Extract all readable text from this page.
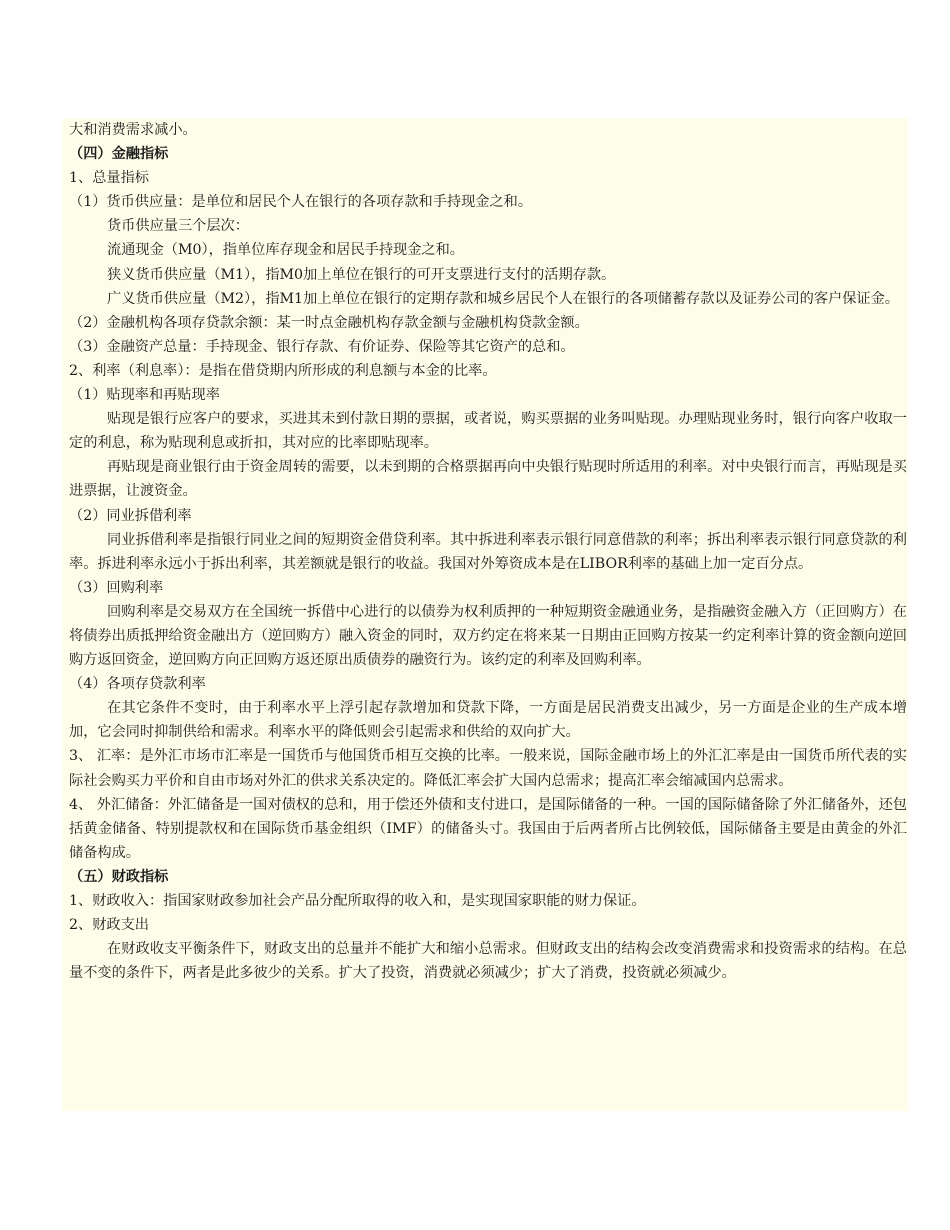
大和消费需求减小。

（四）金融指标

1、总量指标

（1）货币供应量：是单位和居民个人在银行的各项存款和手持现金之和。

货币供应量三个层次：

流通现金（M0），指单位库存现金和居民手持现金之和。

狭义货币供应量（M1），指M0加上单位在银行的可开支票进行支付的活期存款。

广义货币供应量（M2），指M1加上单位在银行的定期存款和城乡居民个人在银行的各项储蓄存款以及证券公司的客户保证金。

（2）金融机构各项存贷款余额：某一时点金融机构存款金额与金融机构贷款金额。

（3）金融资产总量：手持现金、银行存款、有价证券、保险等其它资产的总和。

2、利率（利息率）：是指在借贷期内所形成的利息额与本金的比率。

（1）贴现率和再贴现率

贴现是银行应客户的要求，买进其未到付款日期的票据，或者说，购买票据的业务叫贴现。办理贴现业务时，银行向客户收取一定的利息，称为贴现利息或折扣，其对应的比率即贴现率。

再贴现是商业银行由于资金周转的需要，以未到期的合格票据再向中央银行贴现时所适用的利率。对中央银行而言，再贴现是买进票据，让渡资金。

（2）同业拆借利率

同业拆借利率是指银行同业之间的短期资金借贷利率。其中拆进利率表示银行同意借款的利率；拆出利率表示银行同意贷款的利率。拆进利率永远小于拆出利率，其差额就是银行的收益。我国对外筹资成本是在LIBOR利率的基础上加一定百分点。

（3）回购利率

回购利率是交易双方在全国统一拆借中心进行的以债券为权利质押的一种短期资金融通业务，是指融资金融入方（正回购方）在将债券出质抵押给资金融出方（逆回购方）融入资金的同时，双方约定在将来某一日期由正回购方按某一约定利率计算的资金额向逆回购方返回资金，逆回购方向正回购方返还原出质债券的融资行为。该约定的利率及回购利率。

（4）各项存贷款利率

在其它条件不变时，由于利率水平上浮引起存款增加和贷款下降，一方面是居民消费支出减少，另一方面是企业的生产成本增加，它会同时抑制供给和需求。利率水平的降低则会引起需求和供给的双向扩大。

3、 汇率：是外汇市场市汇率是一国货币与他国货币相互交换的比率。一般来说，国际金融市场上的外汇汇率是由一国货币所代表的实际社会购买力平价和自由市场对外汇的供求关系决定的。降低汇率会扩大国内总需求；提高汇率会缩减国内总需求。

4、 外汇储备：外汇储备是一国对债权的总和，用于偿还外债和支付进口，是国际储备的一种。一国的国际储备除了外汇储备外，还包括黄金储备、特别提款权和在国际货币基金组织（IMF）的储备头寸。我国由于后两者所占比例较低，国际储备主要是由黄金的外汇储备构成。

（五）财政指标

1、财政收入：指国家财政参加社会产品分配所取得的收入和，是实现国家职能的财力保证。

2、财政支出

在财政收支平衡条件下，财政支出的总量并不能扩大和缩小总需求。但财政支出的结构会改变消费需求和投资需求的结构。在总量不变的条件下，两者是此多彼少的关系。扩大了投资，消费就必须减少；扩大了消费，投资就必须减少。
